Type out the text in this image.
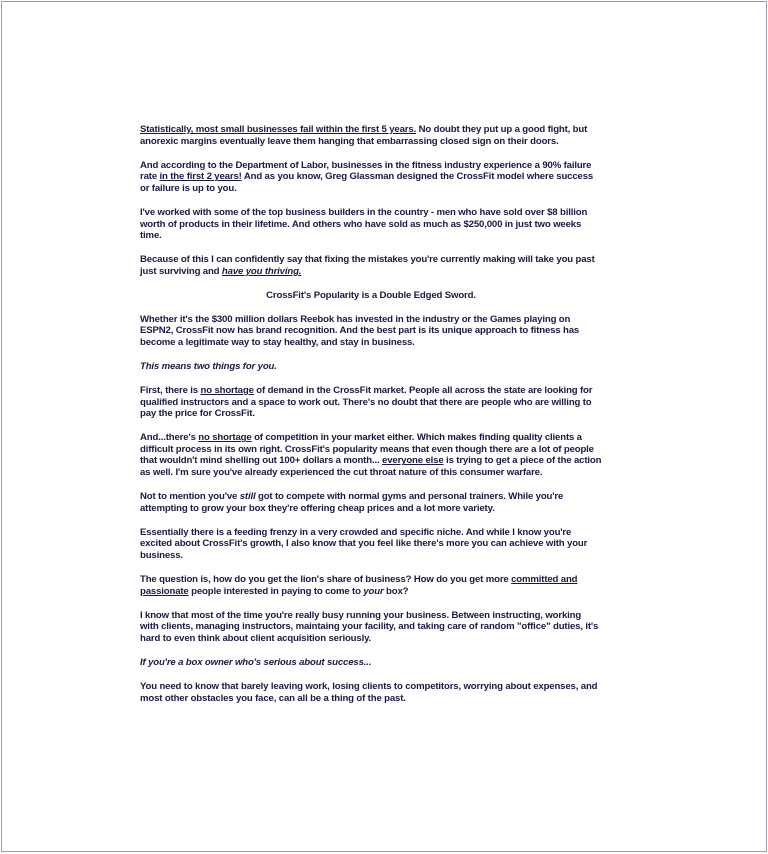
Statistically, most small businesses fail within the first 5 years. No doubt they put up a good fight, but anorexic margins eventually leave them hanging that embarrassing closed sign on their doors.

And according to the Department of Labor, businesses in the fitness industry experience a 90% failure rate in the first 2 years! And as you know, Greg Glassman designed the CrossFit model where success or failure is up to you.

I've worked with some of the top business builders in the country - men who have sold over $8 billion worth of products in their lifetime. And others who have sold as much as $250,000 in just two weeks time.

Because of this I can confidently say that fixing the mistakes you're currently making will take you past just surviving and have you thriving.

CrossFit's Popularity is a Double Edged Sword.

Whether it's the $300 million dollars Reebok has invested in the industry or the Games playing on ESPN2, CrossFit now has brand recognition. And the best part is its unique approach to fitness has become a legitimate way to stay healthy, and stay in business.

This means two things for you.

First, there is no shortage of demand in the CrossFit market. People all across the state are looking for qualified instructors and a space to work out. There's no doubt that there are people who are willing to pay the price for CrossFit.

And...there's no shortage of competition in your market either. Which makes finding quality clients a difficult process in its own right. CrossFit's popularity means that even though there are a lot of people that wouldn't mind shelling out 100+ dollars a month... everyone else is trying to get a piece of the action as well. I'm sure you've already experienced the cut throat nature of this consumer warfare.

Not to mention you've still got to compete with normal gyms and personal trainers. While you're attempting to grow your box they're offering cheap prices and a lot more variety.

Essentially there is a feeding frenzy in a very crowded and specific niche. And while I know you're excited about CrossFit's growth, I also know that you feel like there's more you can achieve with your business.

The question is, how do you get the lion's share of business? How do you get more committed and passionate people interested in paying to come to your box?

I know that most of the time you're really busy running your business. Between instructing, working with clients, managing instructors, maintaing your facility, and taking care of random "office" duties, it's hard to even think about client acquisition seriously.

If you're a box owner who's serious about success...

You need to know that barely leaving work, losing clients to competitors, worrying about expenses, and most other obstacles you face, can all be a thing of the past.
